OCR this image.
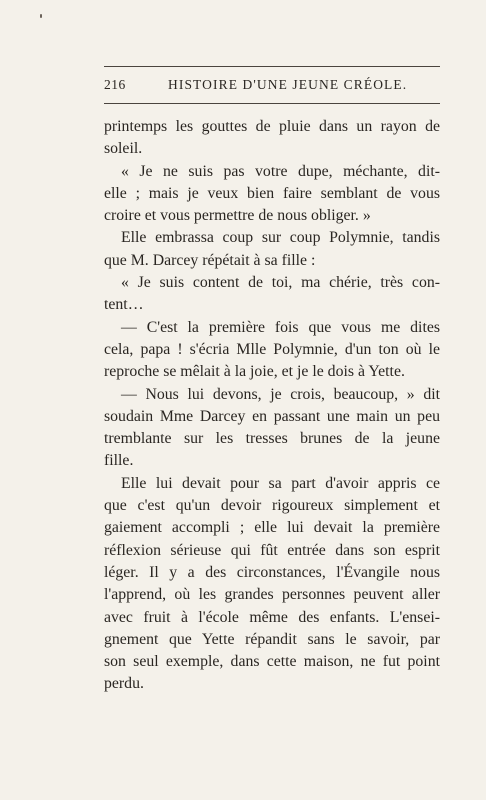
216	HISTOIRE D'UNE JEUNE CRÉOLE.
printemps les gouttes de pluie dans un rayon de
soleil.
« Je ne suis pas votre dupe, méchante, dit-
elle ; mais je veux bien faire semblant de vous
croire et vous permettre de nous obliger. »
Elle embrassa coup sur coup Polymnie, tandis
que M. Darcey répétait à sa fille :
« Je suis content de toi, ma chérie, très con-
tent…
— C'est la première fois que vous me dites
cela, papa ! s'écria Mlle Polymnie, d'un ton où le
reproche se mêlait à la joie, et je le dois à Yette.
— Nous lui devons, je crois, beaucoup, » dit
soudain Mme Darcey en passant une main un peu
tremblante sur les tresses brunes de la jeune
fille.
Elle lui devait pour sa part d'avoir appris ce
que c'est qu'un devoir rigoureux simplement et
gaiement accompli ; elle lui devait la première
réflexion sérieuse qui fût entrée dans son esprit
léger. Il y a des circonstances, l'Évangile nous
l'apprend, où les grandes personnes peuvent aller
avec fruit à l'école même des enfants. L'ensei-
gnement que Yette répandit sans le savoir, par
son seul exemple, dans cette maison, ne fut point
perdu.
